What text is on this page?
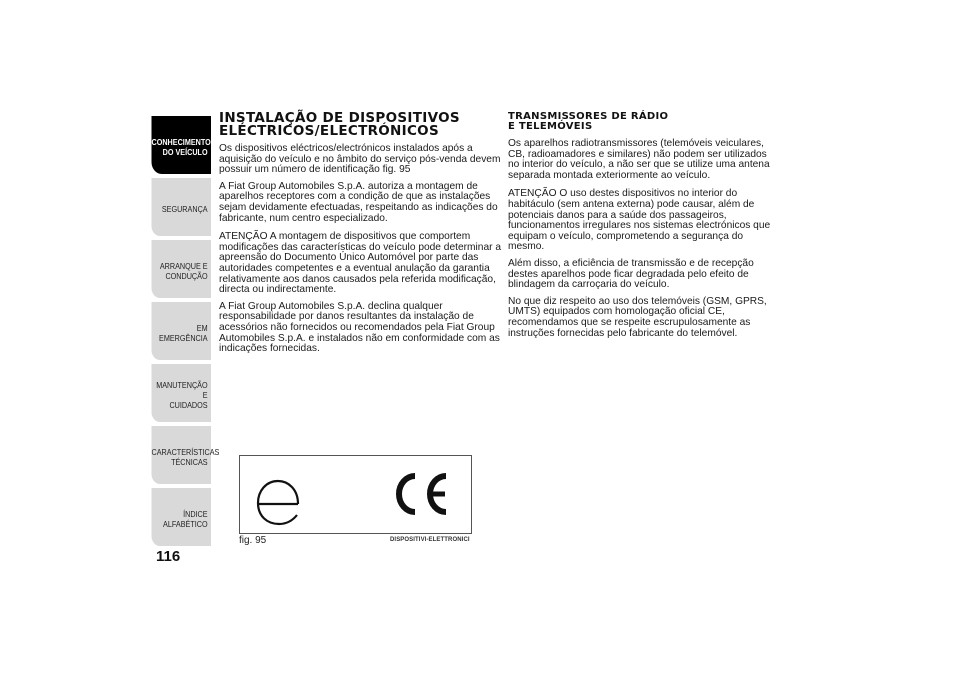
CONHECIMENTO
DO VEÍCULO
SEGURANÇA
ARRANQUE E
CONDUÇÃO
EM EMERGÊNCIA
MANUTENÇÃO E
CUIDADOS
CARACTERÍSTICAS
TÉCNICAS
ÍNDICE ALFABÉTICO
116
INSTALAÇÃO DE DISPOSITIVOS
ELÉCTRICOS/ELECTRÓNICOS

Os dispositivos eléctricos/electrónicos instalados após a aquisição do veículo e no âmbito do serviço pós-venda devem possuir um número de identificação fig. 95

A Fiat Group Automobiles S.p.A. autoriza a montagem de aparelhos receptores com a condição de que as instalações sejam devidamente efectuadas, respeitando as indicações do fabricante, num centro especializado.

ATENÇÃO A montagem de dispositivos que comportem modificações das características do veículo pode determinar a apreensão do Documento Único Automóvel por parte das autoridades competentes e a eventual anulação da garantia relativamente aos danos causados pela referida modificação, directa ou indirectamente.

A Fiat Group Automobiles S.p.A. declina qualquer responsabilidade por danos resultantes da instalação de acessórios não fornecidos ou recomendados pela Fiat Group Automobiles S.p.A. e instalados não em conformidade com as indicações fornecidas.

TRANSMISSORES DE RÁDIO
E TELEMÓVEIS

Os aparelhos radiotransmissores (telemóveis veiculares, CB, radioamadores e similares) não podem ser utilizados no interior do veículo, a não ser que se utilize uma antena separada montada exteriormente ao veículo.

ATENÇÃO O uso destes dispositivos no interior do habitáculo (sem antena externa) pode causar, além de potenciais danos para a saúde dos passageiros, funcionamentos irregulares nos sistemas electrónicos que equipam o veículo, comprometendo a segurança do mesmo.

Além disso, a eficiência de transmissão e de recepção destes aparelhos pode ficar degradada pelo efeito de blindagem da carroçaria do veículo.

No que diz respeito ao uso dos telemóveis (GSM, GPRS, UMTS) equipados com homologação oficial CE, recomendamos que se respeite escrupulosamente as instruções fornecidas pelo fabricante do telemóvel.

fig. 95	DISPOSITIVI-ELETTRONICI
